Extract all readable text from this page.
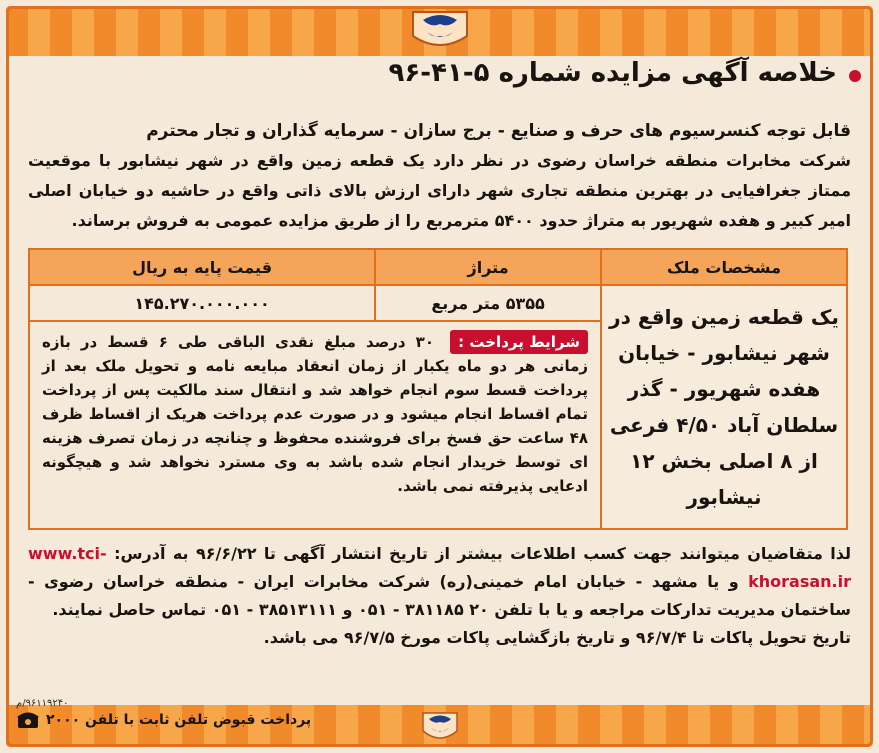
خلاصه آگهی مزایده شماره ۵-۴۱-۹۶
قابل توجه کنسرسیوم های حرف و صنایع - برج سازان - سرمایه گذاران و تجار محترم
شرکت مخابرات منطقه خراسان رضوی در نظر دارد یک قطعه زمین واقع در شهر نیشابور با موقعیت ممتاز جغرافیایی در بهترین منطقه تجاری شهر دارای ارزش بالای ذاتی واقع در حاشیه دو خیابان اصلی امیر کبیر و هفده شهریور به متراژ حدود ۵۴۰۰ مترمربع را از طریق مزایده عمومی به فروش برساند.
مشخصات ملک	متراژ	قیمت پایه به ریال
یک قطعه زمین واقع در شهر نیشابور - خیابان هفده شهریور - گذر سلطان آباد ۴/۵۰ فرعی از ۸ اصلی بخش ۱۲ نیشابور	۵۳۵۵ متر مربع	۱۴۵.۲۷۰.۰۰۰.۰۰۰
	شرایط پرداخت : ۳۰ درصد مبلغ نقدی الباقی طی ۶ قسط در بازه زمانی هر دو ماه یکبار از زمان انعقاد مبایعه نامه و تحویل ملک بعد از پرداخت قسط سوم انجام خواهد شد و انتقال سند مالکیت پس از پرداخت تمام اقساط انجام میشود و در صورت عدم پرداخت هریک از اقساط ظرف ۴۸ ساعت حق فسخ برای فروشنده محفوظ و چنانچه در زمان تصرف هزینه ای توسط خریدار انجام شده باشد به وی مسترد نخواهد شد و هیچگونه ادعایی پذیرفته نمی باشد.	
لذا متقاضیان میتوانند جهت کسب اطلاعات بیشتر از تاریخ انتشار آگهی تا ۹۶/۶/۲۲ به آدرس: www.tci-khorasan.ir و یا مشهد - خیابان امام خمینی(ره) شرکت مخابرات ایران - منطقه خراسان رضوی - ساختمان مدیریت تدارکات مراجعه و یا با تلفن ۲۰ ۳۸۱۱۸۵ - ۰۵۱ و ۳۸۵۱۳۱۱۱ - ۰۵۱ تماس حاصل نمایند.
تاریخ تحویل پاکات تا ۹۶/۷/۴ و تاریخ بازگشایی پاکات مورخ ۹۶/۷/۵ می باشد.
۹۶۱۱۹۲۴۰/م
پرداخت قبوض تلفن ثابت با تلفن ۲۰۰۰
